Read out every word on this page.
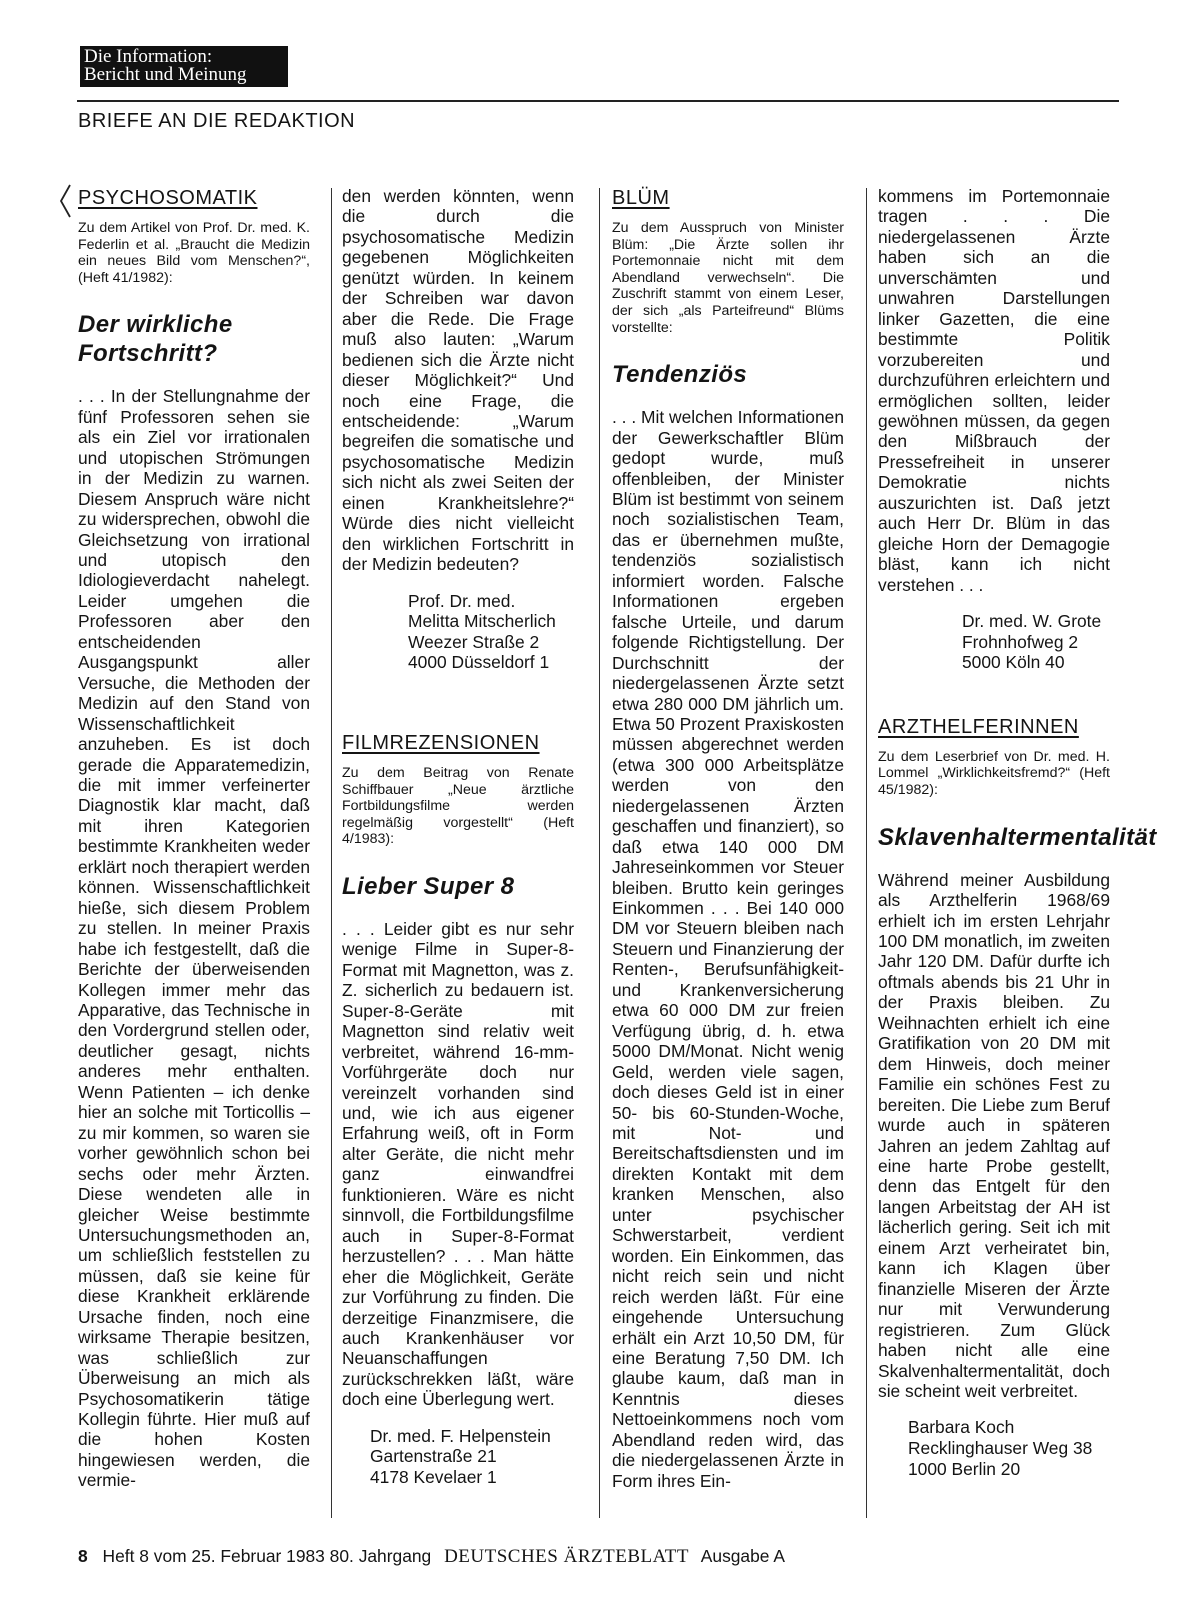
Die Information:
Bericht und Meinung
BRIEFE AN DIE REDAKTION
PSYCHOSOMATIK

Zu dem Artikel von Prof. Dr. med. K. Federlin et al. „Braucht die Medizin ein neues Bild vom Menschen?“, (Heft 41/1982):

Der wirkliche Fortschritt?

. . . In der Stellungnahme der fünf Professoren sehen sie als ein Ziel vor irrationalen und utopischen Strömungen in der Medizin zu warnen. Diesem Anspruch wäre nicht zu widersprechen, obwohl die Gleichsetzung von irrational und utopisch den Idiologieverdacht nahelegt. Leider umgehen die Professoren aber den entscheidenden Ausgangspunkt aller Versuche, die Methoden der Medizin auf den Stand von Wissenschaftlichkeit anzuheben. Es ist doch gerade die Apparatemedizin, die mit immer verfeinerter Diagnostik klar macht, daß mit ihren Kategorien bestimmte Krankheiten weder erklärt noch therapiert werden können. Wissenschaftlichkeit hieße, sich diesem Problem zu stellen. In meiner Praxis habe ich festgestellt, daß die Berichte der überweisenden Kollegen immer mehr das Apparative, das Technische in den Vordergrund stellen oder, deutlicher gesagt, nichts anderes mehr enthalten. Wenn Patienten – ich denke hier an solche mit Torticollis – zu mir kommen, so waren sie vorher gewöhnlich schon bei sechs oder mehr Ärzten. Diese wendeten alle in gleicher Weise bestimmte Untersuchungsmethoden an, um schließlich feststellen zu müssen, daß sie keine für diese Krankheit erklärende Ursache finden, noch eine wirksame Therapie besitzen, was schließlich zur Überweisung an mich als Psychosomatikerin tätige Kollegin führte. Hier muß auf die hohen Kosten hingewiesen werden, die vermie-

den werden könnten, wenn die durch die psychosomatische Medizin gegebenen Möglichkeiten genützt würden. In keinem der Schreiben war davon aber die Rede. Die Frage muß also lauten: „Warum bedienen sich die Ärzte nicht dieser Möglichkeit?“ Und noch eine Frage, die entscheidende: „Warum begreifen die somatische und psychosomatische Medizin sich nicht als zwei Seiten der einen Krankheitslehre?“ Würde dies nicht vielleicht den wirklichen Fortschritt in der Medizin bedeuten?

Prof. Dr. med.
Melitta Mitscherlich
Weezer Straße 2
4000 Düsseldorf 1
FILMREZENSIONEN

Zu dem Beitrag von Renate Schiffbauer „Neue ärztliche Fortbildungsfilme werden regelmäßig vorgestellt“ (Heft 4/1983):

Lieber Super 8

. . . Leider gibt es nur sehr wenige Filme in Super-8-Format mit Magnetton, was z. Z. sicherlich zu bedauern ist. Super-8-Geräte mit Magnetton sind relativ weit verbreitet, während 16-mm-Vorführgeräte doch nur vereinzelt vorhanden sind und, wie ich aus eigener Erfahrung weiß, oft in Form alter Geräte, die nicht mehr ganz einwandfrei funktionieren. Wäre es nicht sinnvoll, die Fortbildungsfilme auch in Super-8-Format herzustellen? . . . Man hätte eher die Möglichkeit, Geräte zur Vorführung zu finden. Die derzeitige Finanzmisere, die auch Krankenhäuser vor Neuanschaffungen zurückschrekken läßt, wäre doch eine Überlegung wert.

Dr. med. F. Helpenstein
Gartenstraße 21
4178 Kevelaer 1
BLÜM

Zu dem Ausspruch von Minister Blüm: „Die Ärzte sollen ihr Portemonnaie nicht mit dem Abendland verwechseln“. Die Zuschrift stammt von einem Leser, der sich „als Parteifreund“ Blüms vorstellte:

Tendenziös

. . . Mit welchen Informationen der Gewerkschaftler Blüm gedopt wurde, muß offenbleiben, der Minister Blüm ist bestimmt von seinem noch sozialistischen Team, das er übernehmen mußte, tendenziös sozialistisch informiert worden. Falsche Informationen ergeben falsche Urteile, und darum folgende Richtigstellung. Der Durchschnitt der niedergelassenen Ärzte setzt etwa 280 000 DM jährlich um. Etwa 50 Prozent Praxiskosten müssen abgerechnet werden (etwa 300 000 Arbeitsplätze werden von den niedergelassenen Ärzten geschaffen und finanziert), so daß etwa 140 000 DM Jahreseinkommen vor Steuer bleiben. Brutto kein geringes Einkommen . . . Bei 140 000 DM vor Steuern bleiben nach Steuern und Finanzierung der Renten-, Berufsunfähigkeit- und Krankenversicherung etwa 60 000 DM zur freien Verfügung übrig, d. h. etwa 5000 DM/Monat. Nicht wenig Geld, werden viele sagen, doch dieses Geld ist in einer 50- bis 60-Stunden-Woche, mit Not- und Bereitschaftsdiensten und im direkten Kontakt mit dem kranken Menschen, also unter psychischer Schwerstarbeit, verdient worden. Ein Einkommen, das nicht reich sein und nicht reich werden läßt. Für eine eingehende Untersuchung erhält ein Arzt 10,50 DM, für eine Beratung 7,50 DM. Ich glaube kaum, daß man in Kenntnis dieses Nettoeinkommens noch vom Abendland reden wird, das die niedergelassenen Ärzte in Form ihres Ein-

kommens im Portemonnaie tragen . . . Die niedergelassenen Ärzte haben sich an die unverschämten und unwahren Darstellungen linker Gazetten, die eine bestimmte Politik vorzubereiten und durchzuführen erleichtern und ermöglichen sollten, leider gewöhnen müssen, da gegen den Mißbrauch der Pressefreiheit in unserer Demokratie nichts auszurichten ist. Daß jetzt auch Herr Dr. Blüm in das gleiche Horn der Demagogie bläst, kann ich nicht verstehen . . .

Dr. med. W. Grote
Frohnhofweg 2
5000 Köln 40
ARZTHELFERINNEN

Zu dem Leserbrief von Dr. med. H. Lommel „Wirklichkeitsfremd?“ (Heft 45/1982):

Sklavenhaltermentalität

Während meiner Ausbildung als Arzthelferin 1968/69 erhielt ich im ersten Lehrjahr 100 DM monatlich, im zweiten Jahr 120 DM. Dafür durfte ich oftmals abends bis 21 Uhr in der Praxis bleiben. Zu Weihnachten erhielt ich eine Gratifikation von 20 DM mit dem Hinweis, doch meiner Familie ein schönes Fest zu bereiten. Die Liebe zum Beruf wurde auch in späteren Jahren an jedem Zahltag auf eine harte Probe gestellt, denn das Entgelt für den langen Arbeitstag der AH ist lächerlich gering. Seit ich mit einem Arzt verheiratet bin, kann ich Klagen über finanzielle Miseren der Ärzte nur mit Verwunderung registrieren. Zum Glück haben nicht alle eine Skalvenhaltermentalität, doch sie scheint weit verbreitet.

Barbara Koch
Recklinghauser Weg 38
1000 Berlin 20
8 Heft 8 vom 25. Februar 1983 80. Jahrgang DEUTSCHES ÄRZTEBLATT Ausgabe A
